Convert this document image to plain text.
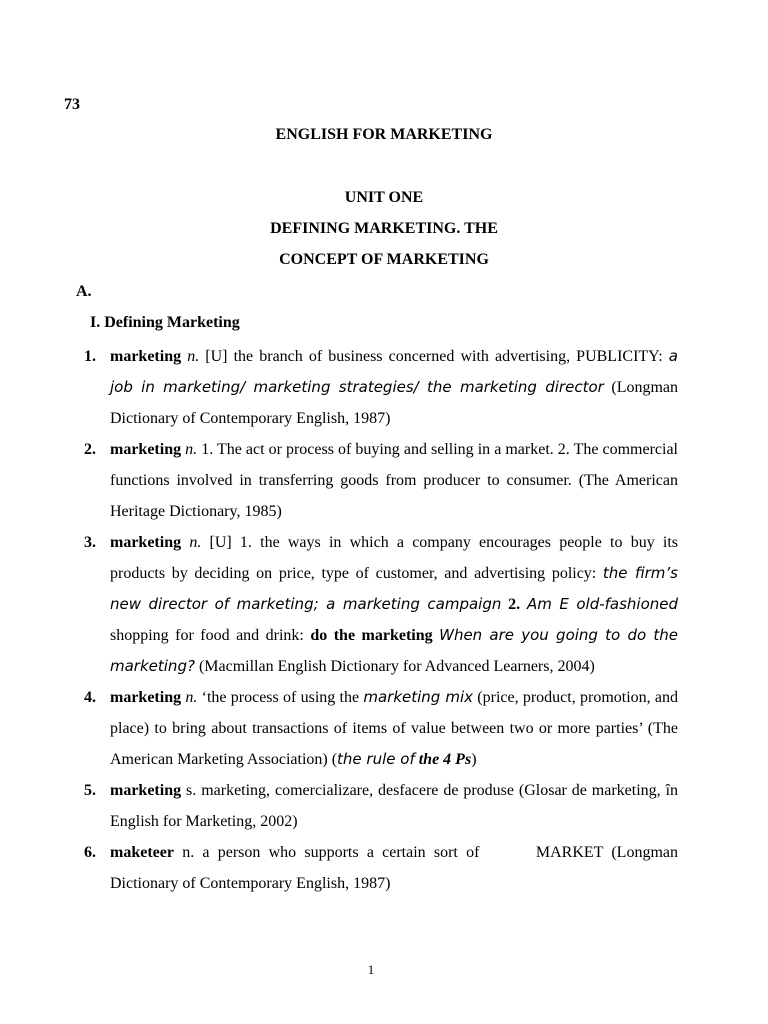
73
ENGLISH FOR MARKETING
UNIT ONE
DEFINING MARKETING. THE
CONCEPT OF MARKETING
A.
I. Defining Marketing
1. marketing n. [U] the branch of business concerned with advertising, PUBLICITY: a job in marketing/ marketing strategies/ the marketing director (Longman Dictionary of Contemporary English, 1987)
2. marketing n. 1. The act or process of buying and selling in a market. 2. The commercial functions involved in transferring goods from producer to consumer. (The American Heritage Dictionary, 1985)
3. marketing n. [U] 1. the ways in which a company encourages people to buy its products by deciding on price, type of customer, and advertising policy: the firm’s new director of marketing; a marketing campaign 2. Am E old-fashioned shopping for food and drink: do the marketing When are you going to do the marketing? (Macmillan English Dictionary for Advanced Learners, 2004)
4. marketing n. ‘the process of using the marketing mix (price, product, promotion, and place) to bring about transactions of items of value between two or more parties’ (The American Marketing Association) (the rule of the 4 Ps)
5. marketing s. marketing, comercializare, desfacere de produse (Glosar de marketing, în English for Marketing, 2002)
6. maketeer n. a person who supports a certain sort of	MARKET (Longman Dictionary of Contemporary English, 1987)
1
